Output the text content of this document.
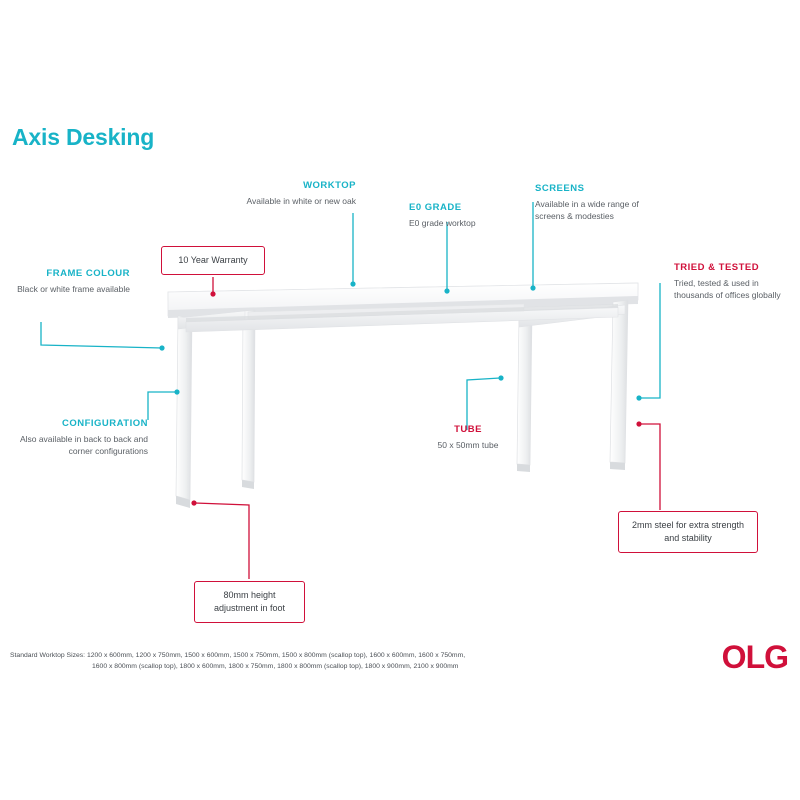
Axis Desking
FRAME COLOUR
Black or white frame available
WORKTOP
Available in white or new oak
E0 GRADE
E0 grade worktop
SCREENS
Available in a wide range of screens & modesties
TRIED & TESTED
Tried, tested & used in thousands of offices globally
CONFIGURATION
Also available in back to back and corner configurations
TUBE
50 x 50mm tube
10 Year Warranty
2mm steel for extra strength and stability
80mm height adjustment in foot
Standard Worktop Sizes: 1200 x 600mm, 1200 x 750mm, 1500 x 600mm, 1500 x 750mm, 1500 x 800mm (scallop top), 1600 x 600mm, 1600 x 750mm,
1600 x 800mm (scallop top), 1800 x 600mm, 1800 x 750mm, 1800 x 800mm (scallop top), 1800 x 900mm, 2100 x 900mm	OLG
